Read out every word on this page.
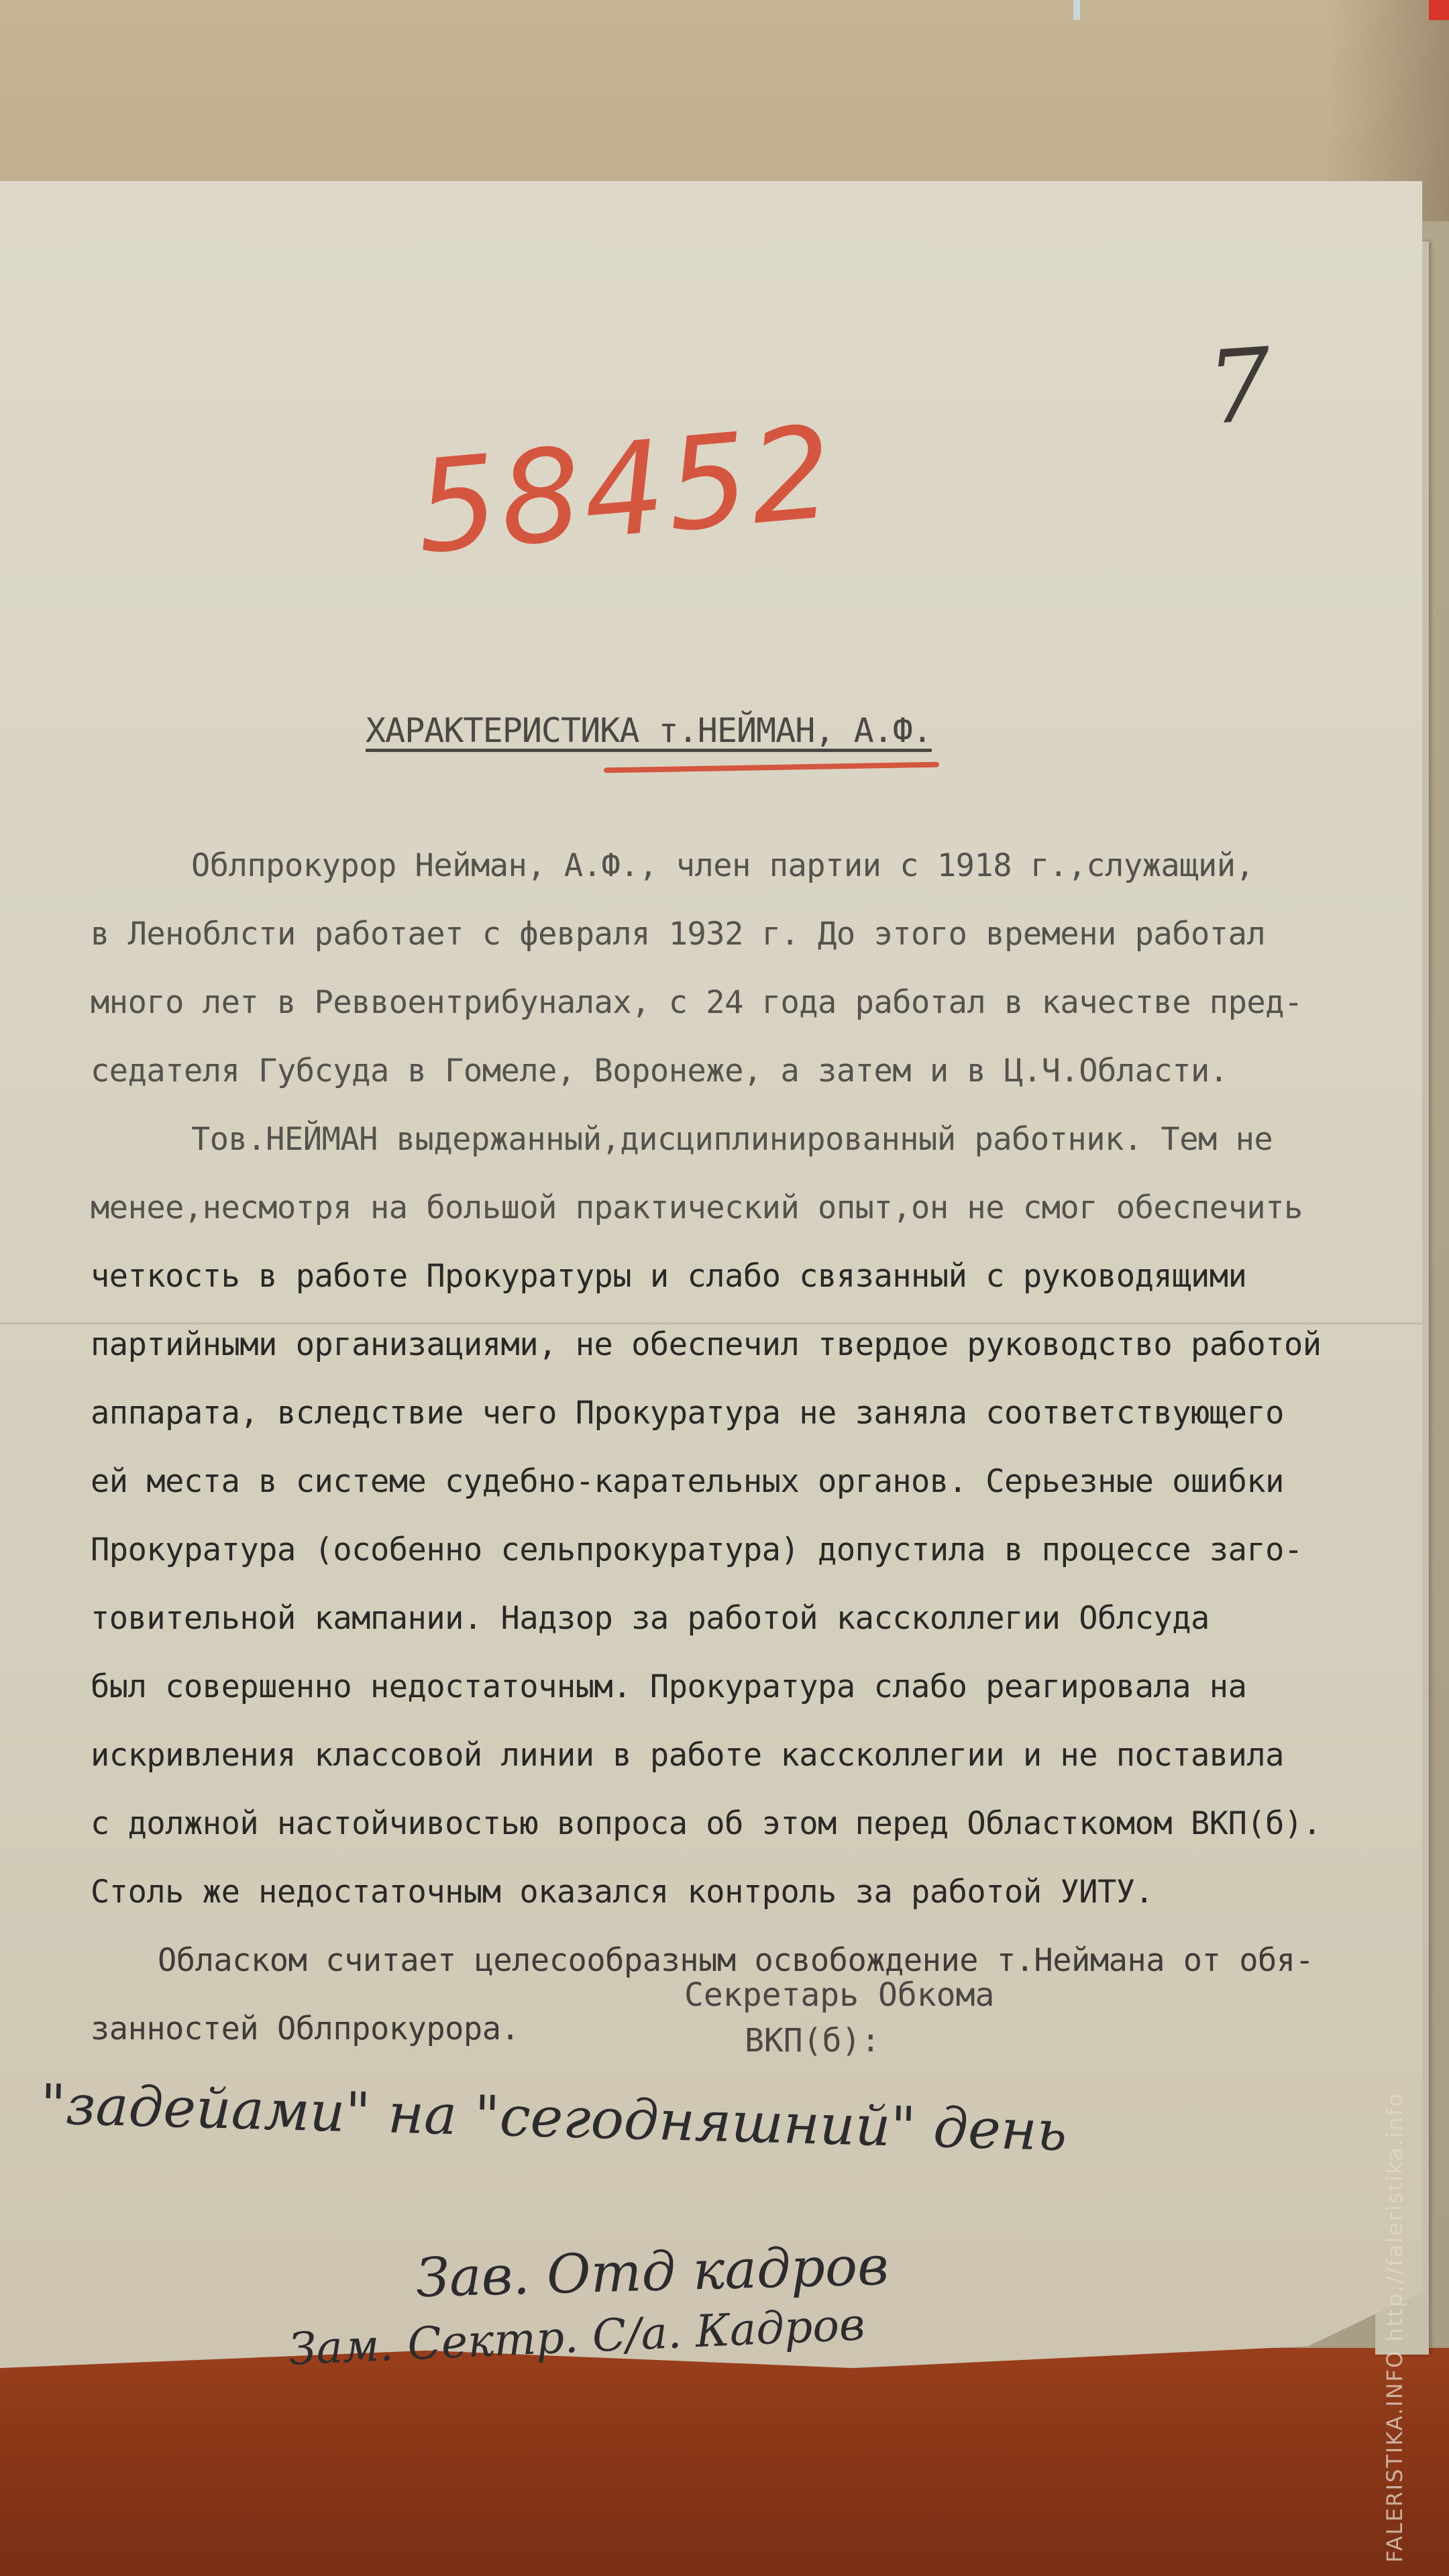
7
58452
ХАРАКТЕРИСТИКА т.НЕЙМАН, А.Ф.
Облпрокурор Нейман, А.Ф., член партии с 1918 г.,служащий,
в Леноблсти работает с февраля 1932 г. До этого времени работал
много лет в Реввоентрибуналах, с 24 года работал в качестве пред-
седателя Губсуда в Гомеле, Воронеже, а затем и в Ц.Ч.Области.
Тов.НЕЙМАН выдержанный,дисциплинированный работник. Тем не
менее,несмотря на большой практический опыт,он не смог обеспечить
четкость в работе Прокуратуры и слабо связанный с руководящими
партийными организациями, не обеспечил твердое руководство работой
аппарата, вследствие чего Прокуратура не заняла соответствующего
ей места в системе судебно-карательных органов. Серьезные ошибки
Прокуратура (особенно сельпрокуратура) допустила в процессе заго-
товительной кампании. Надзор за работой кассколлегии Облсуда
был совершенно недостаточным. Прокуратура слабо реагировала на
искривления классовой линии в работе кассколлегии и не поставила
с должной настойчивостью вопроса об этом перед Облаcткомом ВКП(б).
Столь же недостаточным оказался контроль за работой УИТУ.
Обласком считает целесообразным освобождение т.Неймана от обя-
занностей Облпрокурора.
Секретарь Обкома
ВКП(б):
"задейами" на "сегодняшний" день
Зав. Отд кадров
Зам. Сектр. С/а. Кадров	FALERISTIKA.INFO http://faleristika.info
